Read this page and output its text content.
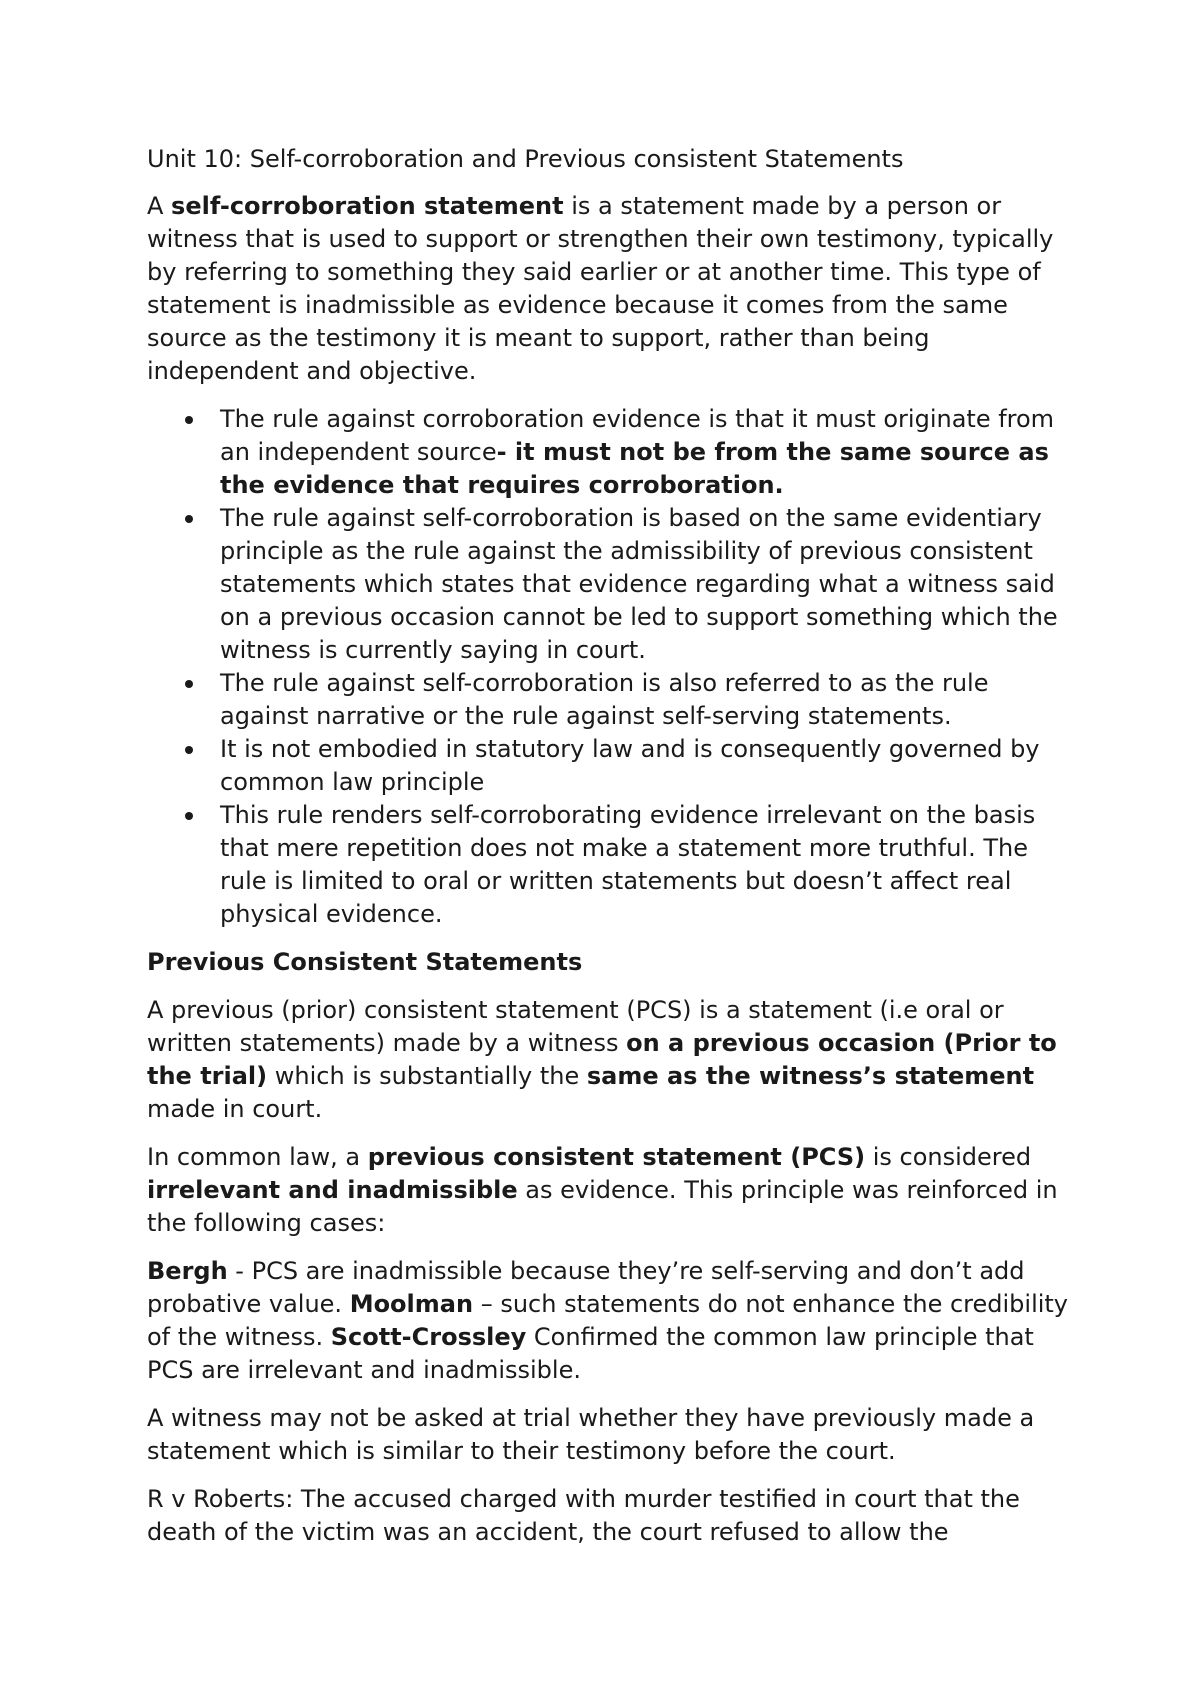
Unit 10: Self-corroboration and Previous consistent Statements

A self-corroboration statement is a statement made by a person or witness that is used to support or strengthen their own testimony, typically by referring to something they said earlier or at another time. This type of statement is inadmissible as evidence because it comes from the same source as the testimony it is meant to support, rather than being independent and objective.

The rule against corroboration evidence is that it must originate from an independent source- it must not be from the same source as the evidence that requires corroboration.
The rule against self-corroboration is based on the same evidentiary principle as the rule against the admissibility of previous consistent statements which states that evidence regarding what a witness said on a previous occasion cannot be led to support something which the witness is currently saying in court.
The rule against self-corroboration is also referred to as the rule against narrative or the rule against self-serving statements.
It is not embodied in statutory law and is consequently governed by common law principle
This rule renders self-corroborating evidence irrelevant on the basis that mere repetition does not make a statement more truthful. The rule is limited to oral or written statements but doesn’t affect real physical evidence.

Previous Consistent Statements

A previous (prior) consistent statement (PCS) is a statement (i.e oral or written statements) made by a witness on a previous occasion (Prior to the trial) which is substantially the same as the witness’s statement made in court.

In common law, a previous consistent statement (PCS) is considered irrelevant and inadmissible as evidence. This principle was reinforced in the following cases:

Bergh - PCS are inadmissible because they’re self-serving and don’t add probative value. Moolman – such statements do not enhance the credibility of the witness. Scott-Crossley Confirmed the common law principle that PCS are irrelevant and inadmissible.

A witness may not be asked at trial whether they have previously made a statement which is similar to their testimony before the court.

R v Roberts: The accused charged with murder testified in court that the death of the victim was an accident, the court refused to allow the
